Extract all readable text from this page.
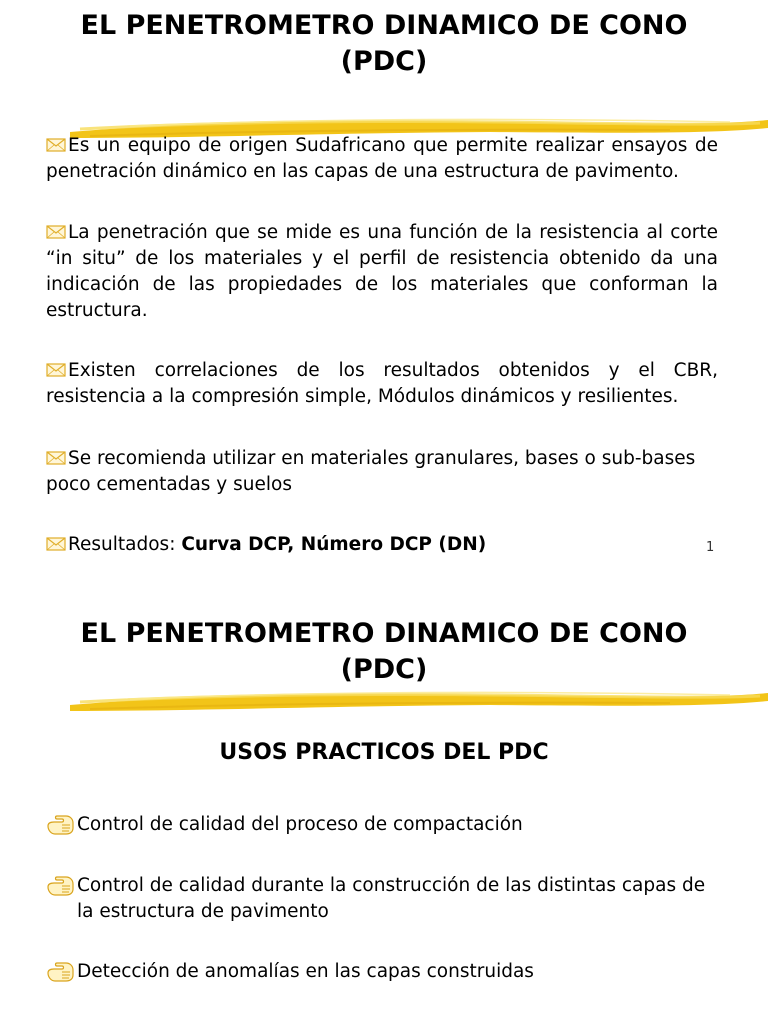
EL PENETROMETRO DINAMICO DE CONO
(PDC)
Es un equipo de origen Sudafricano que permite realizar ensayos de penetración dinámico en las capas de una estructura de pavimento.
La penetración que se mide es una función de la resistencia al corte “in situ” de los materiales y el perfil de resistencia obtenido da una indicación de las propiedades de los materiales que conforman la estructura.
Existen correlaciones de los resultados obtenidos y el CBR, resistencia a la compresión simple, Módulos dinámicos y resilientes.
Se recomienda utilizar en materiales granulares, bases o sub-bases poco cementadas y suelos
Resultados: Curva DCP, Número DCP (DN)	1
EL PENETROMETRO DINAMICO DE CONO
(PDC)
USOS PRACTICOS DEL PDC
Control de calidad del proceso de compactación
Control de calidad durante la construcción de las distintas capas de la estructura de pavimento
Detección de anomalías en las capas construidas
